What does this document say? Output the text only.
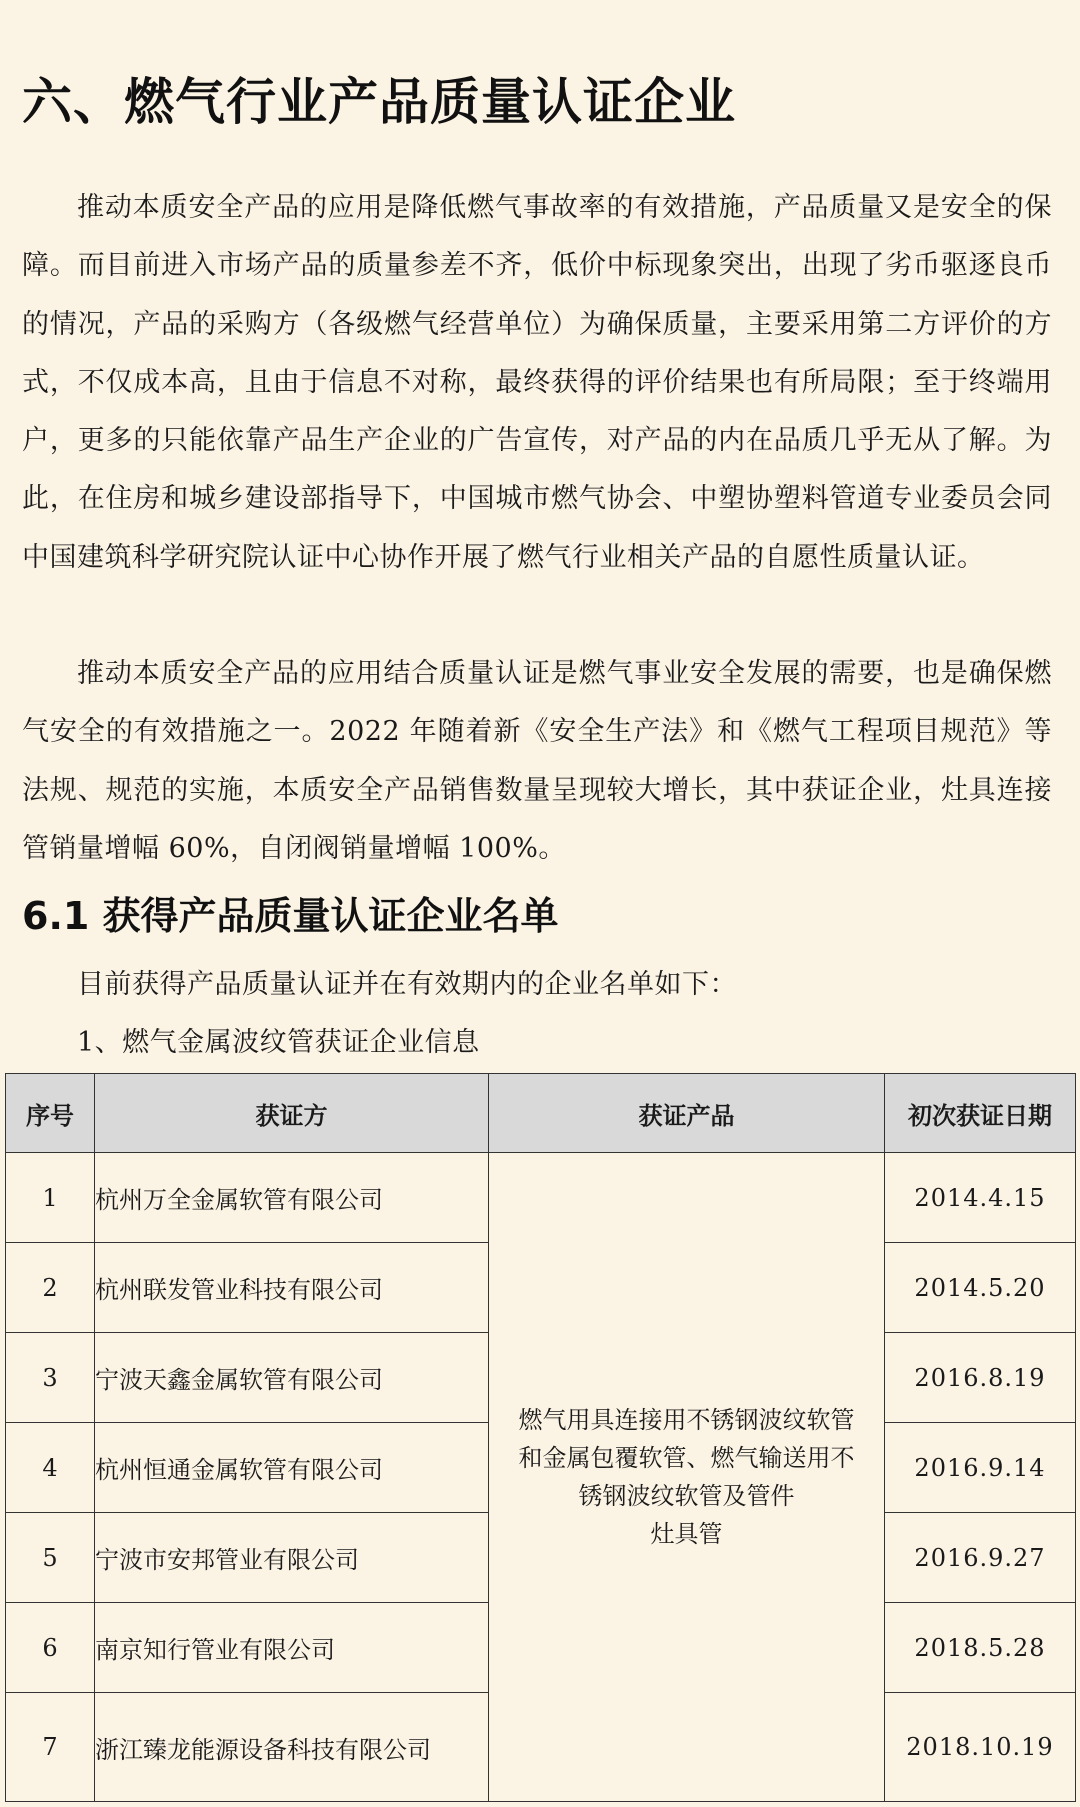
六、燃气行业产品质量认证企业

推动本质安全产品的应用是降低燃气事故率的有效措施，产品质量又是安全的保障。而目前进入市场产品的质量参差不齐，低价中标现象突出，出现了劣币驱逐良币的情况，产品的采购方（各级燃气经营单位）为确保质量，主要采用第二方评价的方式，不仅成本高，且由于信息不对称，最终获得的评价结果也有所局限；至于终端用户，更多的只能依靠产品生产企业的广告宣传，对产品的内在品质几乎无从了解。为此，在住房和城乡建设部指导下，中国城市燃气协会、中塑协塑料管道专业委员会同中国建筑科学研究院认证中心协作开展了燃气行业相关产品的自愿性质量认证。

推动本质安全产品的应用结合质量认证是燃气事业安全发展的需要，也是确保燃气安全的有效措施之一。2022 年随着新《安全生产法》和《燃气工程项目规范》等法规、规范的实施，本质安全产品销售数量呈现较大增长，其中获证企业，灶具连接管销量增幅 60%，自闭阀销量增幅 100%。

6.1 获得产品质量认证企业名单

目前获得产品质量认证并在有效期内的企业名单如下：

1、燃气金属波纹管获证企业信息

序号	获证方	获证产品	初次获证日期
1	杭州万全金属软管有限公司	燃气用具连接用不锈钢波纹软管
和金属包覆软管、燃气输送用不
锈钢波纹软管及管件
灶具管	2014.4.15
2	杭州联发管业科技有限公司		2014.5.20
3	宁波天鑫金属软管有限公司		2016.8.19
4	杭州恒通金属软管有限公司		2016.9.14
5	宁波市安邦管业有限公司		2016.9.27
6	南京知行管业有限公司		2018.5.28
7	浙江臻龙能源设备科技有限公司		2018.10.19
